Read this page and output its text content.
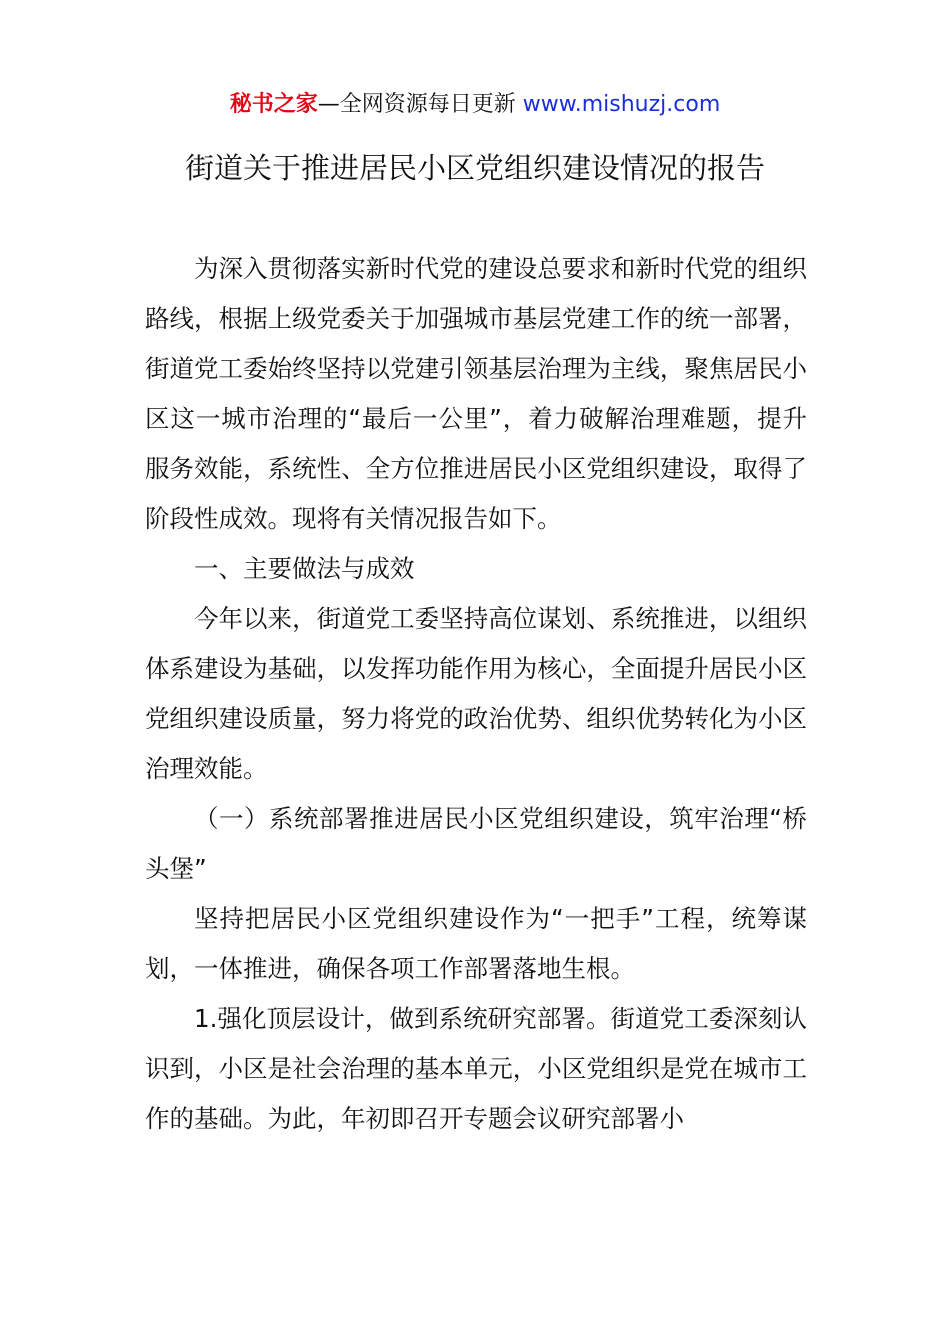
秘书之家—全网资源每日更新 www.mishuzj.com
街道关于推进居民小区党组织建设情况的报告

为深入贯彻落实新时代党的建设总要求和新时代党的组织路线，根据上级党委关于加强城市基层党建工作的统一部署，街道党工委始终坚持以党建引领基层治理为主线，聚焦居民小区这一城市治理的“最后一公里”，着力破解治理难题，提升服务效能，系统性、全方位推进居民小区党组织建设，取得了阶段性成效。现将有关情况报告如下。

一、主要做法与成效

今年以来，街道党工委坚持高位谋划、系统推进，以组织体系建设为基础，以发挥功能作用为核心，全面提升居民小区党组织建设质量，努力将党的政治优势、组织优势转化为小区治理效能。

（一）系统部署推进居民小区党组织建设，筑牢治理“桥头堡”

坚持把居民小区党组织建设作为“一把手”工程，统筹谋划，一体推进，确保各项工作部署落地生根。

1.强化顶层设计，做到系统研究部署。街道党工委深刻认识到，小区是社会治理的基本单元，小区党组织是党在城市工作的基础。为此，年初即召开专题会议研究部署小
